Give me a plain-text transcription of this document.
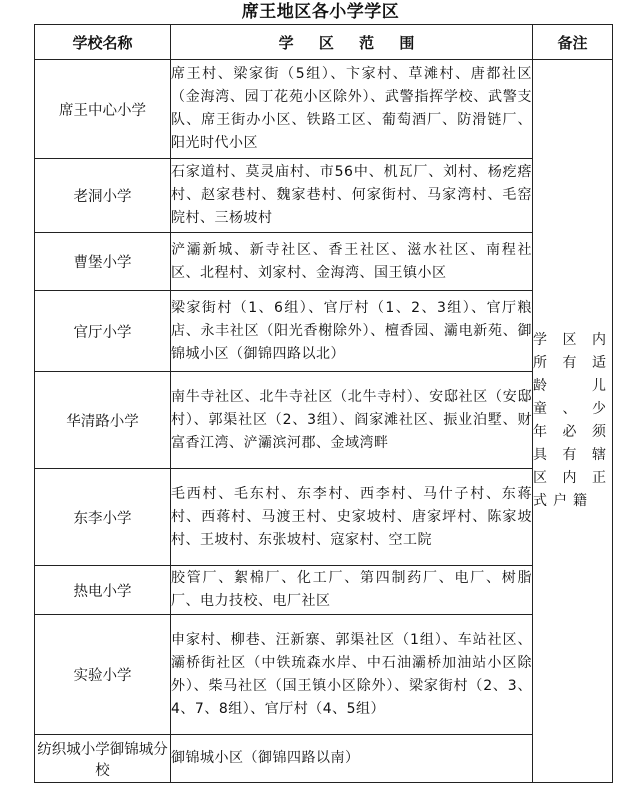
席王地区各小学学区
学校名称	学 区 范 围	备注
席王中心小学	席王村、梁家街（5组）、卞家村、草滩村、唐都社区（金海湾、园丁花苑小区除外）、武警指挥学校、武警支队、席王街办小区、铁路工区、葡萄酒厂、防滑链厂、阳光时代小区	学区内所有适龄儿童、少年必须具有辖区内正式户籍

老洞小学	石家道村、莫灵庙村、市56中、机瓦厂、刘村、杨疙瘩村、赵家巷村、魏家巷村、何家街村、马家湾村、毛窑院村、三杨坡村	
曹堡小学	浐灞新城、新寺社区、香王社区、滋水社区、南程社区、北程村、刘家村、金海湾、国王镇小区	
官厅小学	梁家街村（1、6组）、官厅村（1、2、3组）、官厅粮店、永丰社区（阳光香榭除外）、檀香园、灞电新苑、御锦城小区（御锦四路以北）	
华清路小学	南牛寺社区、北牛寺社区（北牛寺村）、安邸社区（安邸村）、郭渠社区（2、3组）、阎家滩社区、振业泊墅、财富香江湾、浐灞滨河郡、金域湾畔	
东李小学	毛西村、毛东村、东李村、西李村、马什子村、东蒋村、西蒋村、马渡王村、史家坡村、唐家坪村、陈家坡村、王坡村、东张坡村、寇家村、空工院	
热电小学	胶管厂、絮棉厂、化工厂、第四制药厂、电厂、树脂厂、电力技校、电厂社区	
实验小学	申家村、柳巷、汪新寨、郭渠社区（1组）、车站社区、灞桥街社区（中铁琉森水岸、中石油灞桥加油站小区除外）、柴马社区（国王镇小区除外）、梁家街村（2、3、4、7、8组）、官厅村（4、5组）	
纺织城小学御锦城分校	御锦城小区（御锦四路以南）	
